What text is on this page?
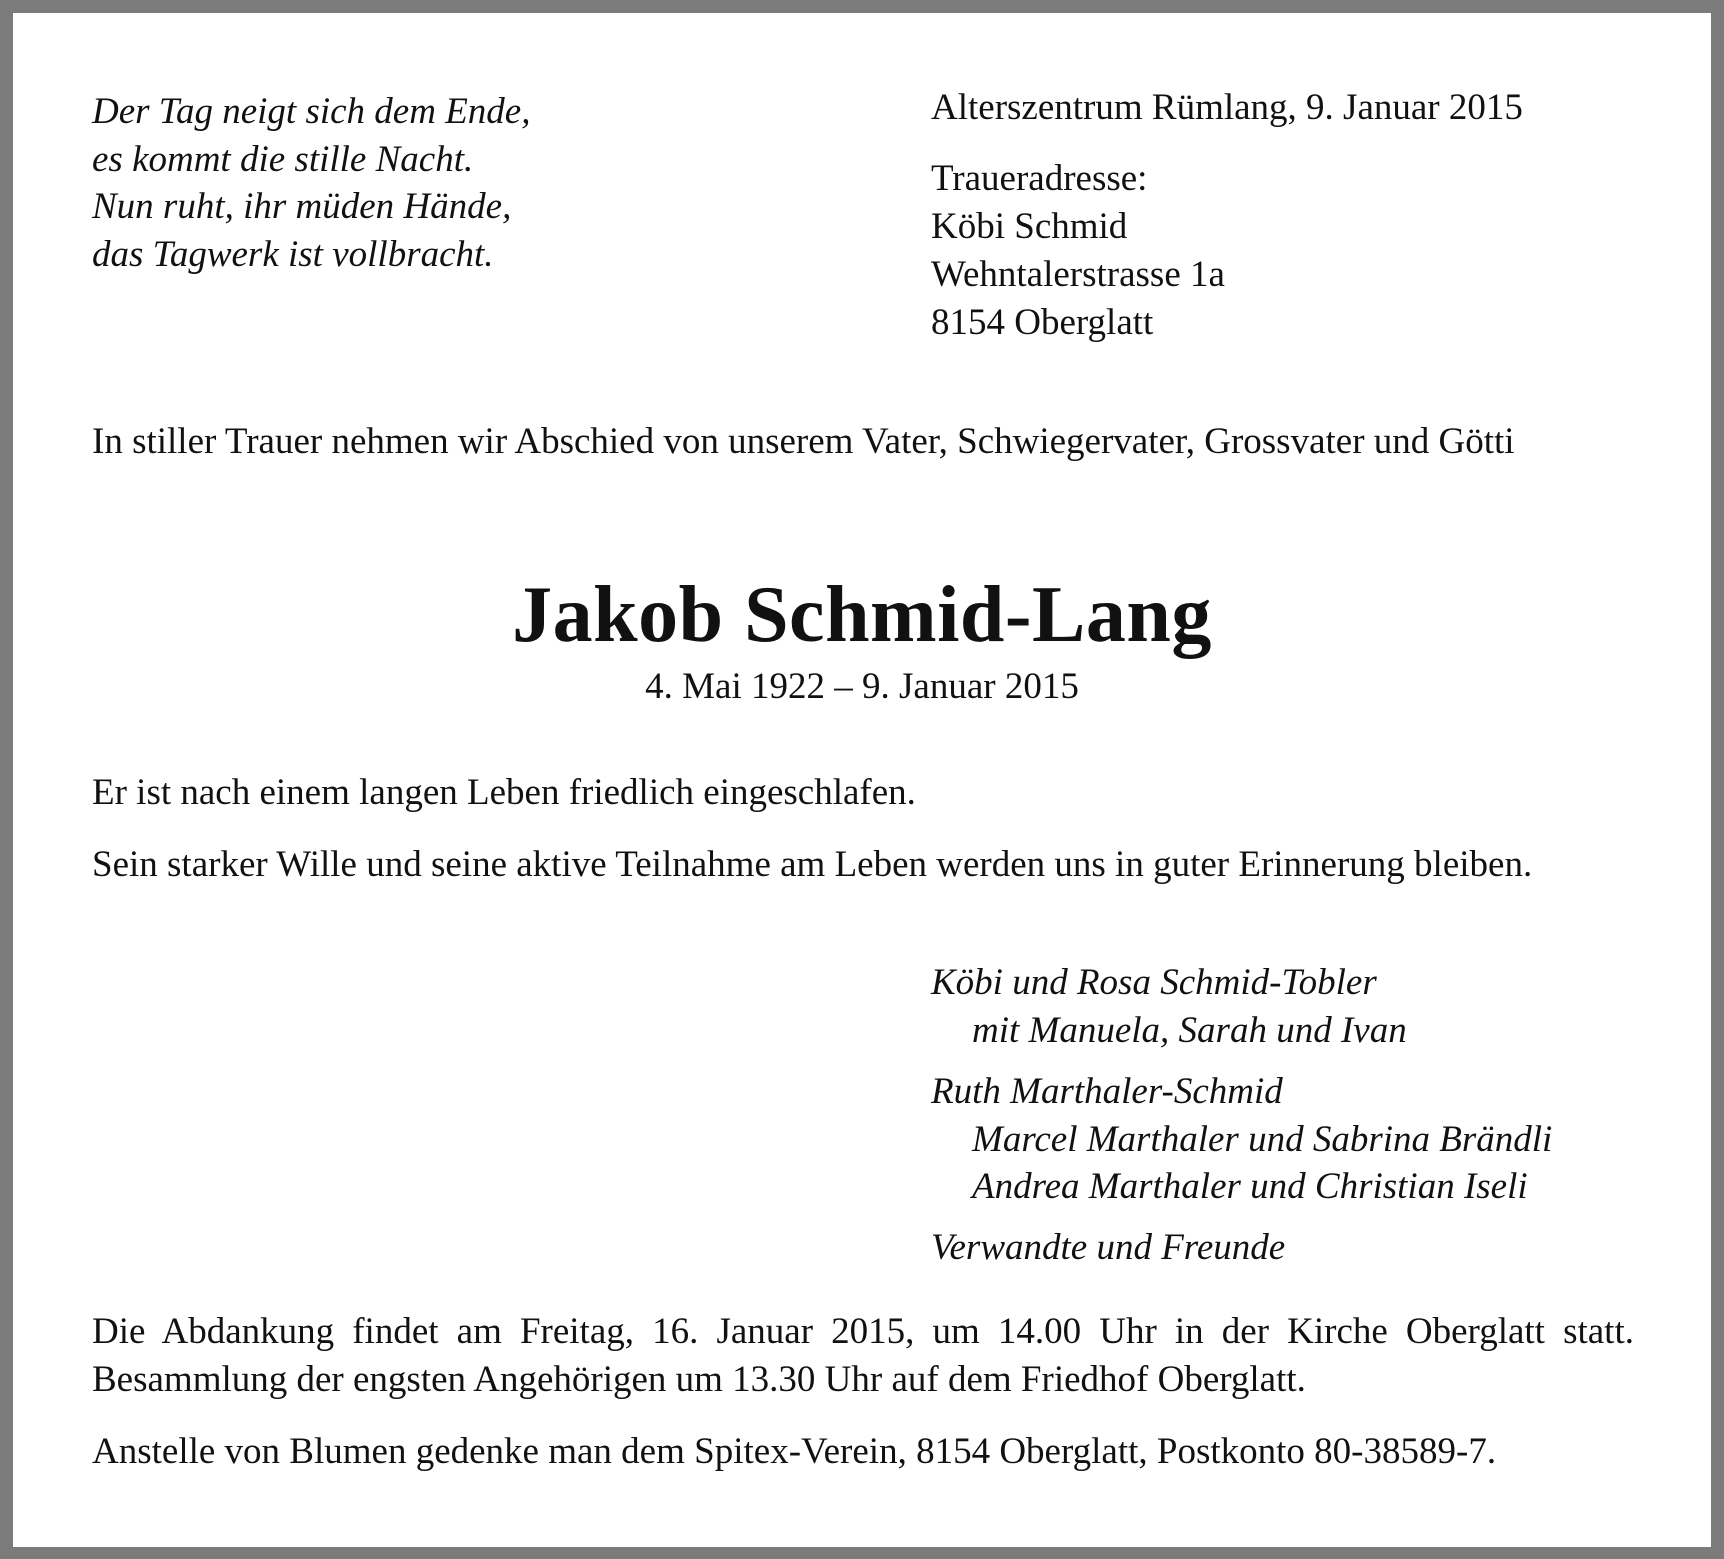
Der Tag neigt sich dem Ende,
es kommt die stille Nacht.
Nun ruht, ihr müden Hände,
das Tagwerk ist vollbracht.
Alterszentrum Rümlang, 9. Januar 2015
Traueradresse:
Köbi Schmid
Wehntalerstrasse 1a
8154 Oberglatt
In stiller Trauer nehmen wir Abschied von unserem Vater, Schwiegervater, Grossvater und Götti
Jakob Schmid-Lang
4. Mai 1922 – 9. Januar 2015
Er ist nach einem langen Leben friedlich eingeschlafen.
Sein starker Wille und seine aktive Teilnahme am Leben werden uns in guter Erinnerung bleiben.
Köbi und Rosa Schmid-Tobler
mit Manuela, Sarah und Ivan
Ruth Marthaler-Schmid
Marcel Marthaler und Sabrina Brändli
Andrea Marthaler und Christian Iseli
Verwandte und Freunde
Die Abdankung findet am Freitag, 16. Januar 2015, um 14.00 Uhr in der Kirche Oberglatt statt. Besammlung der engsten Angehörigen um 13.30 Uhr auf dem Friedhof Oberglatt.
Anstelle von Blumen gedenke man dem Spitex-Verein, 8154 Oberglatt, Postkonto 80-38589-7.
